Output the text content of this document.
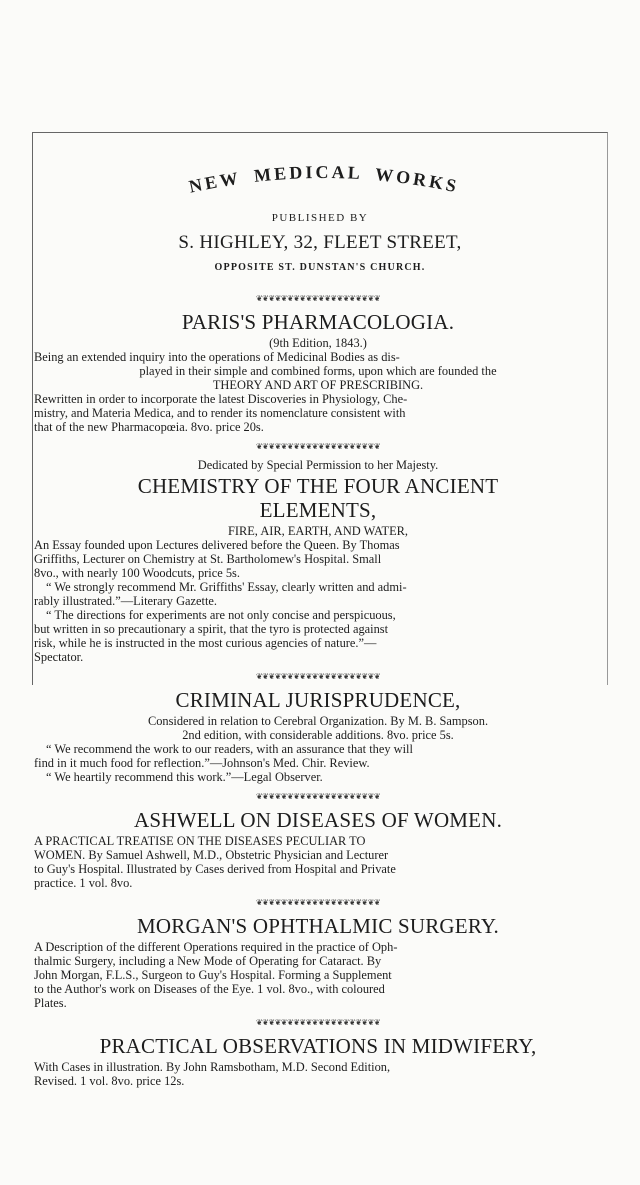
NEW MEDICAL WORKS
PUBLISHED BY
S. HIGHLEY, 32, FLEET STREET,
OPPOSITE ST. DUNSTAN'S CHURCH.
❦❦❦❦❦❦❦❦❦❦❦❦❦❦❦❦❦❦❦❦
PARIS'S PHARMACOLOGIA.

(9th Edition, 1843.)

Being an extended inquiry into the operations of Medicinal Bodies as dis-

played in their simple and combined forms, upon which are founded the

THEORY AND ART OF PRESCRIBING.

Rewritten in order to incorporate the latest Discoveries in Physiology, Che-

mistry, and Materia Medica, and to render its nomenclature consistent with

that of the new Pharmacopœia. 8vo. price 20s.

❦❦❦❦❦❦❦❦❦❦❦❦❦❦❦❦❦❦❦❦

Dedicated by Special Permission to her Majesty.

CHEMISTRY OF THE FOUR ANCIENT ELEMENTS,

FIRE, AIR, EARTH, AND WATER,

An Essay founded upon Lectures delivered before the Queen. By Thomas

Griffiths, Lecturer on Chemistry at St. Bartholomew's Hospital. Small

8vo., with nearly 100 Woodcuts, price 5s.

“ We strongly recommend Mr. Griffiths' Essay, clearly written and admi-

rably illustrated.”—Literary Gazette.

“ The directions for experiments are not only concise and perspicuous,

but written in so precautionary a spirit, that the tyro is protected against

risk, while he is instructed in the most curious agencies of nature.”—

Spectator.

❦❦❦❦❦❦❦❦❦❦❦❦❦❦❦❦❦❦❦❦
CRIMINAL JURISPRUDENCE,

Considered in relation to Cerebral Organization. By M. B. Sampson.

2nd edition, with considerable additions. 8vo. price 5s.

“ We recommend the work to our readers, with an assurance that they will

find in it much food for reflection.”—Johnson's Med. Chir. Review.

“ We heartily recommend this work.”—Legal Observer.

❦❦❦❦❦❦❦❦❦❦❦❦❦❦❦❦❦❦❦❦
ASHWELL ON DISEASES OF WOMEN.

A PRACTICAL TREATISE ON THE DISEASES PECULIAR TO

WOMEN. By Samuel Ashwell, M.D., Obstetric Physician and Lecturer

to Guy's Hospital. Illustrated by Cases derived from Hospital and Private

practice. 1 vol. 8vo.

❦❦❦❦❦❦❦❦❦❦❦❦❦❦❦❦❦❦❦❦
MORGAN'S OPHTHALMIC SURGERY.

A Description of the different Operations required in the practice of Oph-

thalmic Surgery, including a New Mode of Operating for Cataract. By

John Morgan, F.L.S., Surgeon to Guy's Hospital. Forming a Supplement

to the Author's work on Diseases of the Eye. 1 vol. 8vo., with coloured

Plates.

❦❦❦❦❦❦❦❦❦❦❦❦❦❦❦❦❦❦❦❦
PRACTICAL OBSERVATIONS IN MIDWIFERY,

With Cases in illustration. By John Ramsbotham, M.D. Second Edition,

Revised. 1 vol. 8vo. price 12s.
